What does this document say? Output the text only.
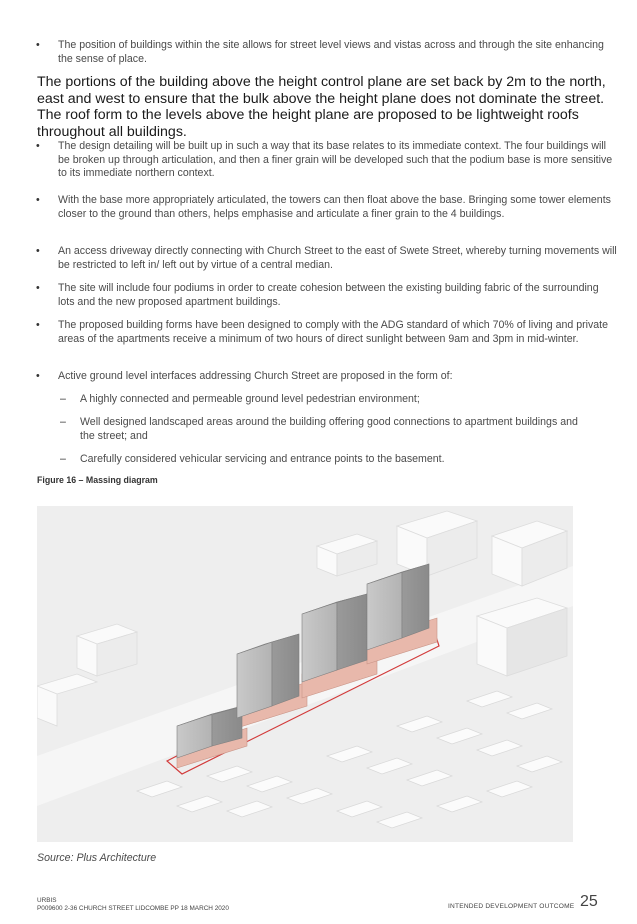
•	The position of buildings within the site allows for street level views and vistas across and through the site enhancing the sense of place.
The portions of the building above the height control plane are set back by 2m to the north, east and west to ensure that the bulk above the height plane does not dominate the street. The roof form to the levels above the height plane are proposed to be lightweight roofs throughout all buildings.
•	The design detailing will be built up in such a way that its base relates to its immediate context. The four buildings will be broken up through articulation, and then a finer grain will be developed such that the podium base is more sensitive to its immediate northern context.
•	With the base more appropriately articulated, the towers can then float above the base. Bringing some tower elements closer to the ground than others, helps emphasise and articulate a finer grain to the 4 buildings.
•	An access driveway directly connecting with Church Street to the east of Swete Street, whereby turning movements will be restricted to left in/ left out by virtue of a central median.
•	The site will include four podiums in order to create cohesion between the existing building fabric of the surrounding lots and the new proposed apartment buildings.
•	The proposed building forms have been designed to comply with the ADG standard of which 70% of living and private areas of the apartments receive a minimum of two hours of direct sunlight between 9am and 3pm in mid-winter.
•	Active ground level interfaces addressing Church Street are proposed in the form of:
– A highly connected and permeable ground level pedestrian environment;
– Well designed landscaped areas around the building offering good connections to apartment buildings and the street; and
– Carefully considered vehicular servicing and entrance points to the basement.
Figure 16 – Massing diagram
Source: Plus Architecture
URBIS
P009600 2-36 CHURCH STREET LIDCOMBE PP 18 MARCH 2020	INTENDED DEVELOPMENT OUTCOME 25
